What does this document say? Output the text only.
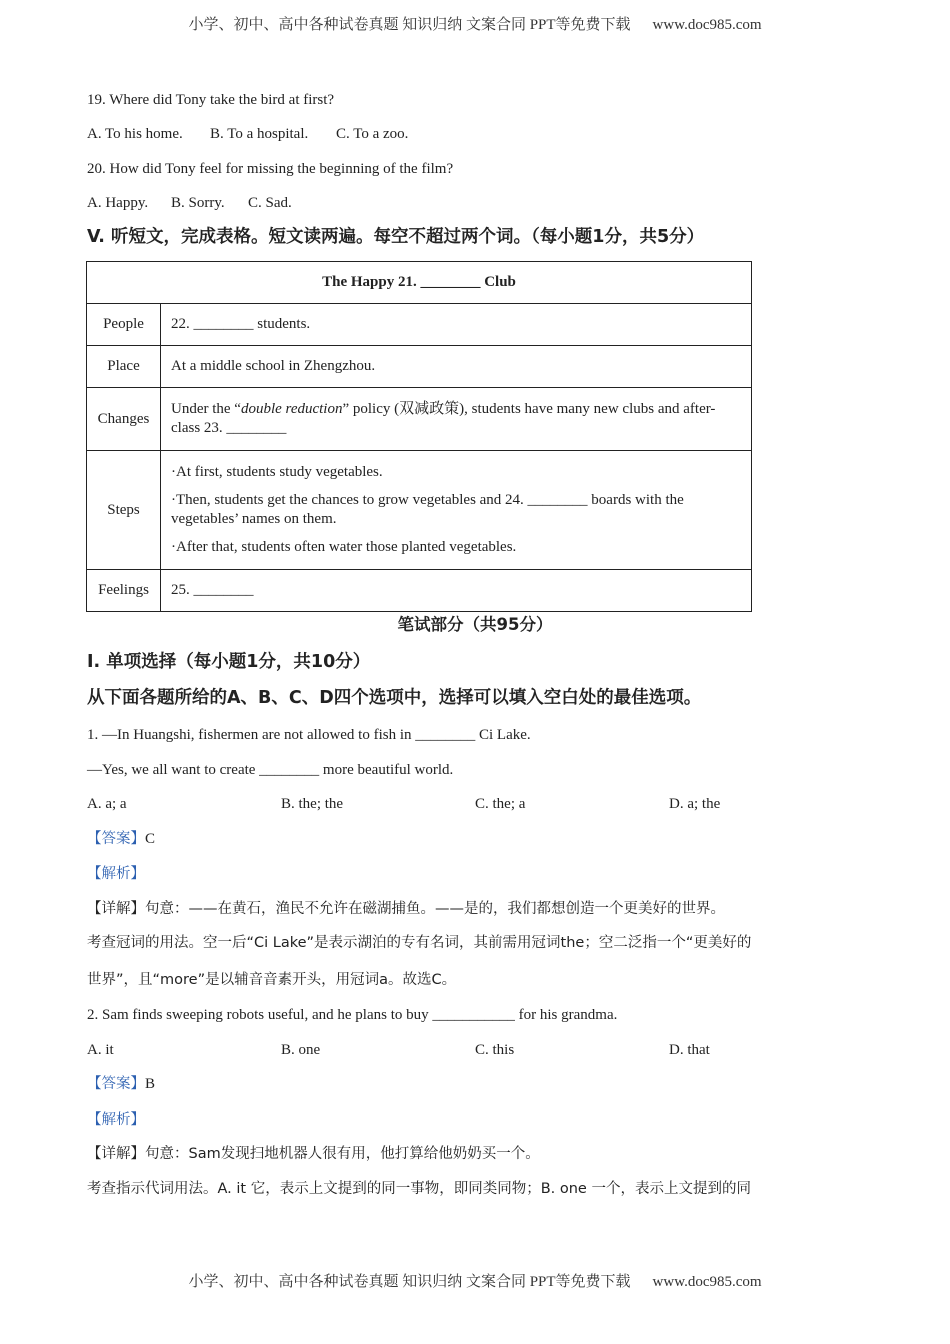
小学、初中、高中各种试卷真题 知识归纳 文案合同 PPT等免费下载 www.doc985.com
19. Where did Tony take the bird at first?
A. To his home. B. To a hospital. C. To a zoo.
20. How did Tony feel for missing the beginning of the film?
A. Happy. B. Sorry. C. Sad.
V. 听短文，完成表格。短文读两遍。每空不超过两个词。（每小题1分，共5分）
The Happy 21. ________ Club	
People	22. ________ students.
Place	At a middle school in Zhengzhou.
Changes	Under the “double reduction” policy (双减政策), students have many new clubs and after-class 23. ________
Steps	·At first, students study vegetables.

·Then, students get the chances to grow vegetables and 24. ________ boards with the vegetables’ names on them.

·After that, students often water those planted vegetables.

Feelings	25. ________
笔试部分（共95分）
I. 单项选择（每小题1分，共10分）
从下面各题所给的A、B、C、D四个选项中，选择可以填入空白处的最佳选项。
1. —In Huangshi, fishermen are not allowed to fish in ________ Ci Lake.
—Yes, we all want to create ________ more beautiful world.
A. a; a	B. the; the	C. the; a	D. a; the
【答案】C
【解析】
【详解】句意：——在黄石，渔民不允许在磁湖捕鱼。——是的，我们都想创造一个更美好的世界。
考查冠词的用法。空一后“Ci Lake”是表示湖泊的专有名词，其前需用冠词the；空二泛指一个“更美好的
世界”，且“more”是以辅音音素开头，用冠词a。故选C。
2. Sam finds sweeping robots useful, and he plans to buy ___________ for his grandma.
A. it	B. one	C. this	D. that
【答案】B
【解析】
【详解】句意：Sam发现扫地机器人很有用，他打算给他奶奶买一个。
考查指示代词用法。A. it 它，表示上文提到的同一事物，即同类同物；B. one 一个，表示上文提到的同
小学、初中、高中各种试卷真题 知识归纳 文案合同 PPT等免费下载 www.doc985.com
